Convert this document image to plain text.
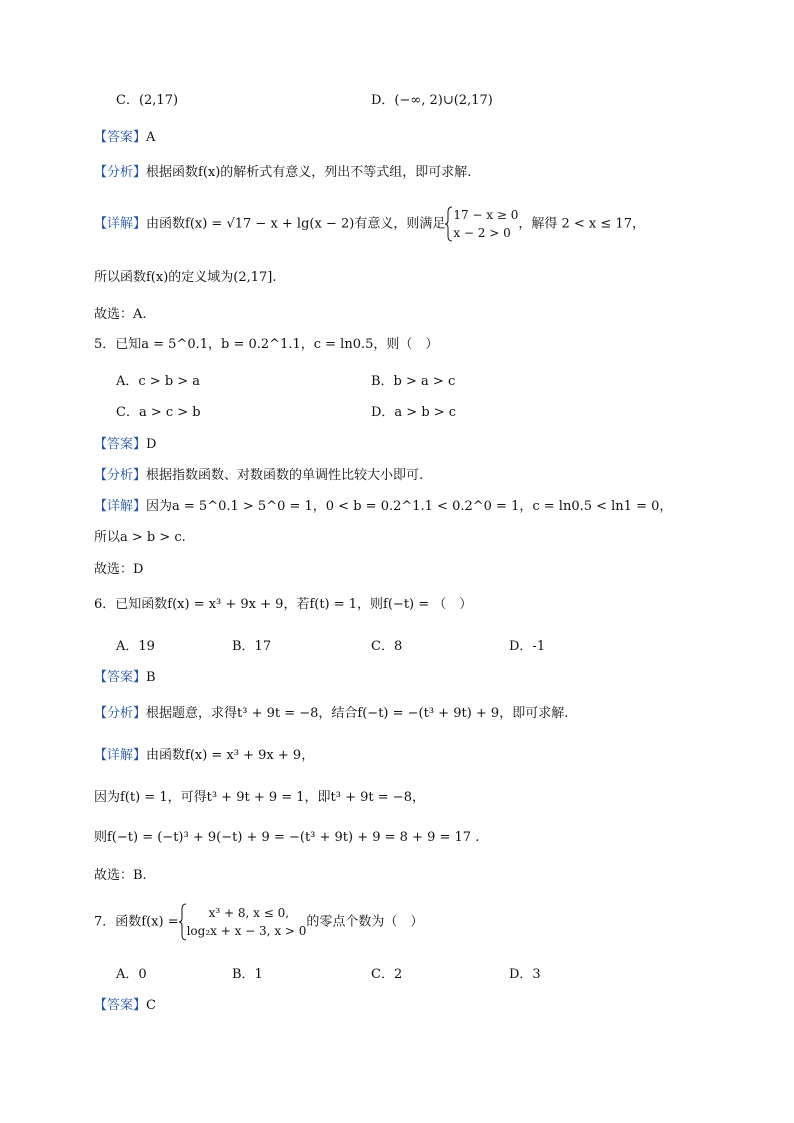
C．(2,17)	D．(−∞, 2)∪(2,17)
【答案】A
【分析】根据函数f(x)的解析式有意义，列出不等式组，即可求解.
【详解】由函数f(x) = √17 − x + lg(x − 2)有意义，则满足
17 − x ≥ 0
x − 2 > 0
，解得 2 < x ≤ 17，
所以函数f(x)的定义域为(2,17].
故选：A.
5．已知a = 5^0.1，b = 0.2^1.1，c = ln0.5，则（　）
A．c > b > a	B．b > a > c
C．a > c > b	D．a > b > c
【答案】D
【分析】根据指数函数、对数函数的单调性比较大小即可.
【详解】因为a = 5^0.1 > 5^0 = 1，0 < b = 0.2^1.1 < 0.2^0 = 1，c = ln0.5 < ln1 = 0，
所以a > b > c.
故选：D
6．已知函数f(x) = x³ + 9x + 9，若f(t) = 1，则f(−t) = （　）
A．19	B．17	C．8	D．-1
【答案】B
【分析】根据题意，求得t³ + 9t = −8，结合f(−t) = −(t³ + 9t) + 9，即可求解.
【详解】由函数f(x) = x³ + 9x + 9，
因为f(t) = 1，可得t³ + 9t + 9 = 1，即t³ + 9t = −8，
则f(−t) = (−t)³ + 9(−t) + 9 = −(t³ + 9t) + 9 = 8 + 9 = 17 .
故选：B.
7．函数f(x) =
x³ + 8, x ≤ 0,
log₂x + x − 3, x > 0
的零点个数为（　）
A．0	B．1	C．2	D．3
【答案】C
